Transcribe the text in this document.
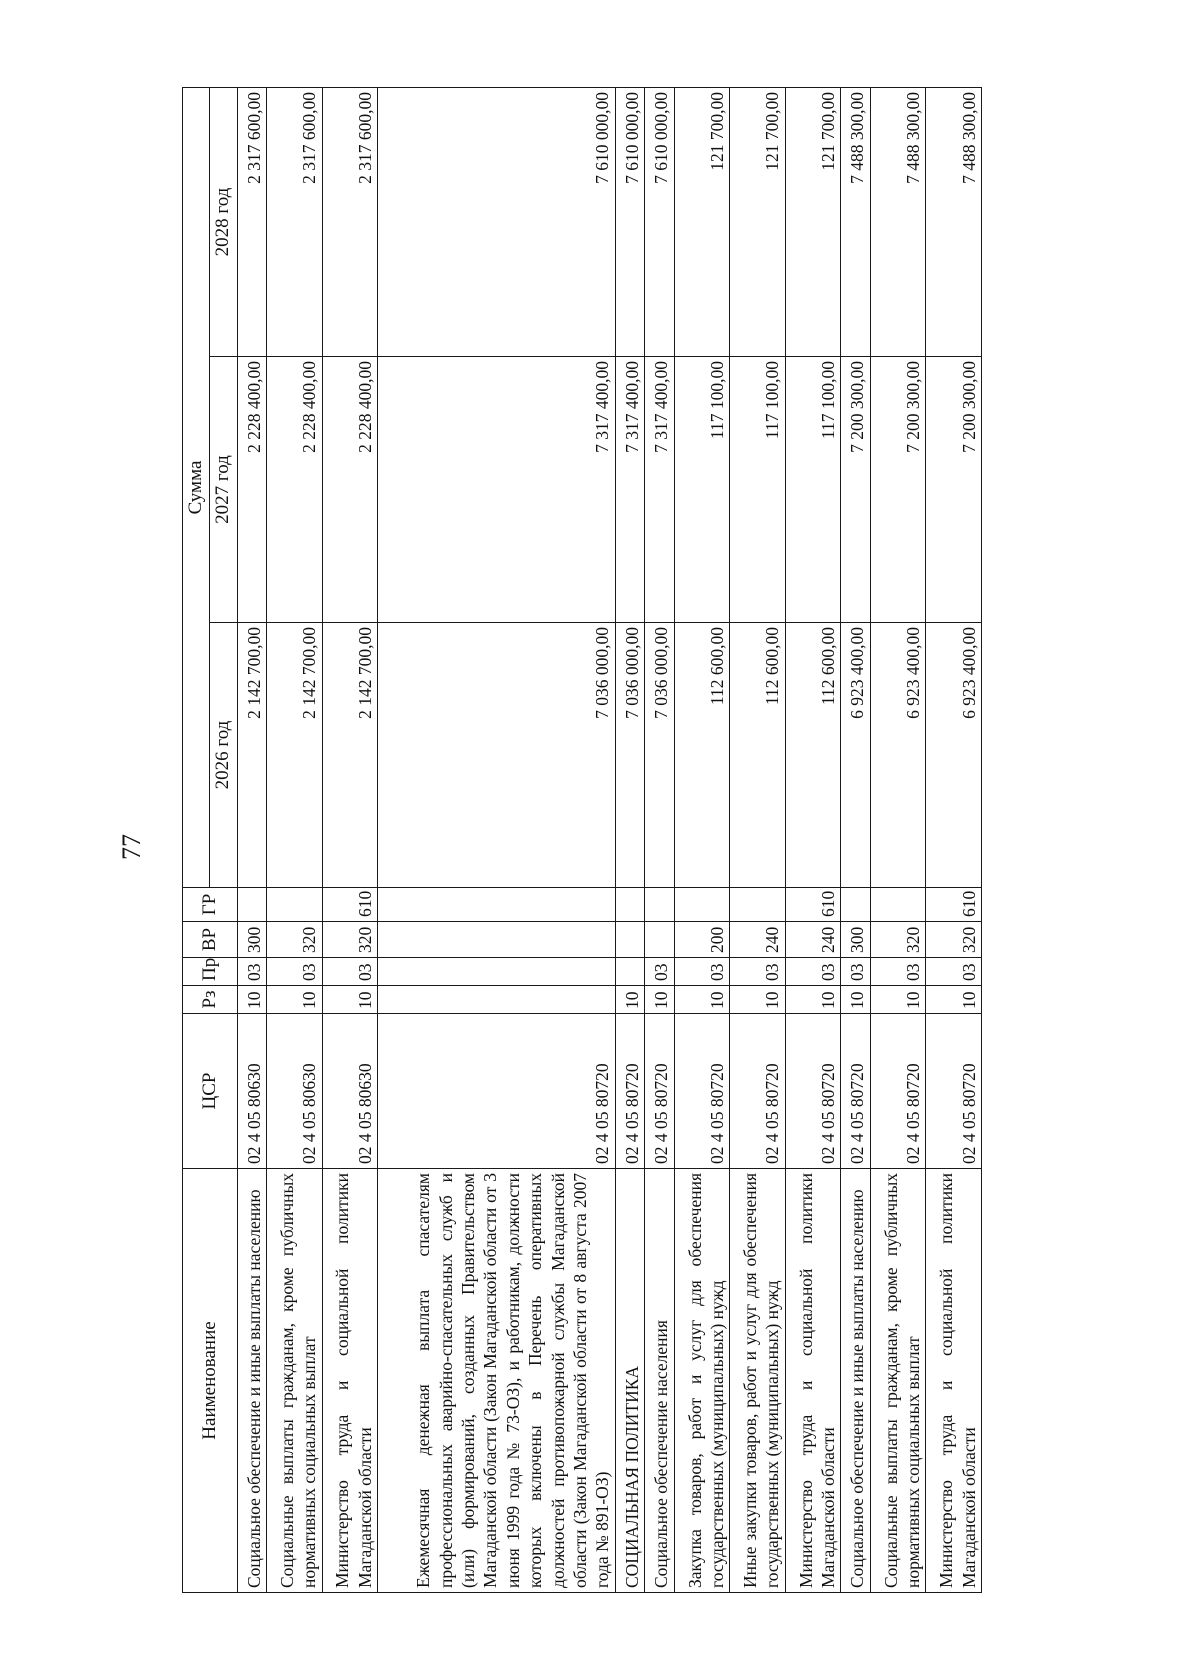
77
Наименование	ЦСР	Рз	Пр	ВР	ГР	Сумма		
						2026 год	2027 год	2028 год
Социальное обеспечение и иные выплаты населению	02 4 05 80630	10	03	300		2 142 700,00	2 228 400,00	2 317 600,00
Социальные выплаты гражданам, кроме публичных нормативных социальных выплат	02 4 05 80630	10	03	320		2 142 700,00	2 228 400,00	2 317 600,00
Министерство труда и социальной политики Магаданской области	02 4 05 80630	10	03	320	610	2 142 700,00	2 228 400,00	2 317 600,00
Ежемесячная денежная выплата спасателям профессиональных аварийно-спасательных служб и (или) формирований, созданных Правительством Магаданской области (Закон Магаданской области от 3 июня 1999 года № 73-ОЗ), и работникам, должности которых включены в Перечень оперативных должностей противопожарной службы Магаданской области (Закон Магаданской области от 8 августа 2007 года № 891-ОЗ)	02 4 05 80720					7 036 000,00	7 317 400,00	7 610 000,00
СОЦИАЛЬНАЯ ПОЛИТИКА	02 4 05 80720	10				7 036 000,00	7 317 400,00	7 610 000,00
Социальное обеспечение населения	02 4 05 80720	10	03			7 036 000,00	7 317 400,00	7 610 000,00
Закупка товаров, работ и услуг для обеспечения государственных (муниципальных) нужд	02 4 05 80720	10	03	200		112 600,00	117 100,00	121 700,00
Иные закупки товаров, работ и услуг для обеспечения государственных (муниципальных) нужд	02 4 05 80720	10	03	240		112 600,00	117 100,00	121 700,00
Министерство труда и социальной политики Магаданской области	02 4 05 80720	10	03	240	610	112 600,00	117 100,00	121 700,00
Социальное обеспечение и иные выплаты населению	02 4 05 80720	10	03	300		6 923 400,00	7 200 300,00	7 488 300,00
Социальные выплаты гражданам, кроме публичных нормативных социальных выплат	02 4 05 80720	10	03	320		6 923 400,00	7 200 300,00	7 488 300,00
Министерство труда и социальной политики Магаданской области	02 4 05 80720	10	03	320	610	6 923 400,00	7 200 300,00	7 488 300,00
